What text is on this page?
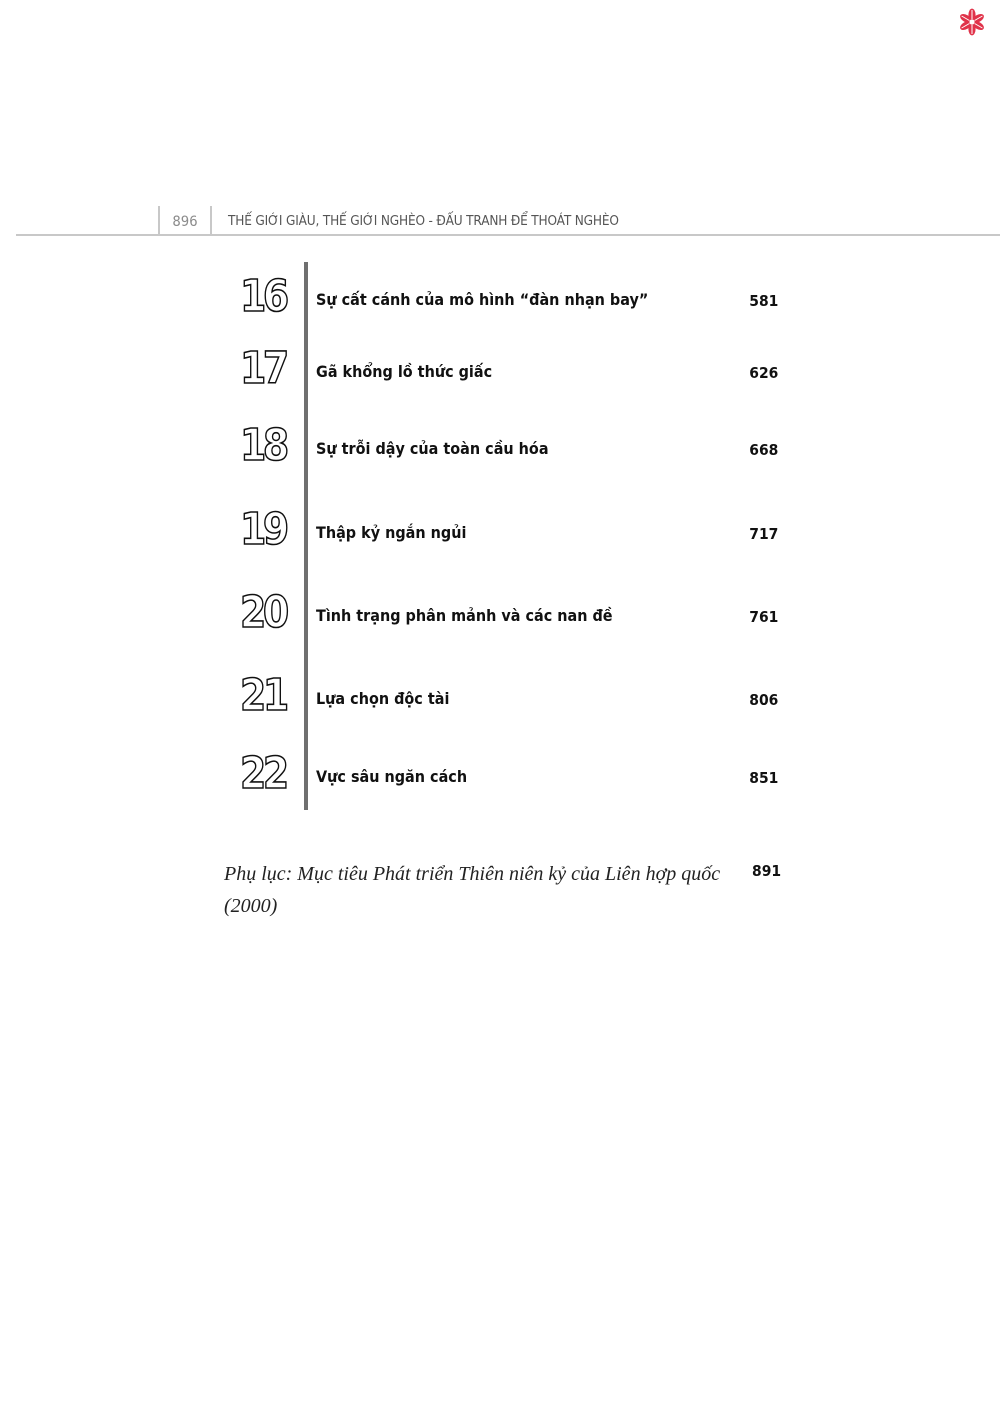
896	THẾ GIỚI GIÀU, THẾ GIỚI NGHÈO - ĐẤU TRANH ĐỂ THOÁT NGHÈO
16	Sự cất cánh của mô hình “đàn nhạn bay”	581
17	Gã khổng lồ thức giấc	626
18	Sự trỗi dậy của toàn cầu hóa	668
19	Thập kỷ ngắn ngủi	717
20	Tình trạng phân mảnh và các nan đề	761
21	Lựa chọn độc tài	806
22	Vực sâu ngăn cách	851
Phụ lục: Mục tiêu Phát triển Thiên niên kỷ của Liên hợp quốc (2000)
891
